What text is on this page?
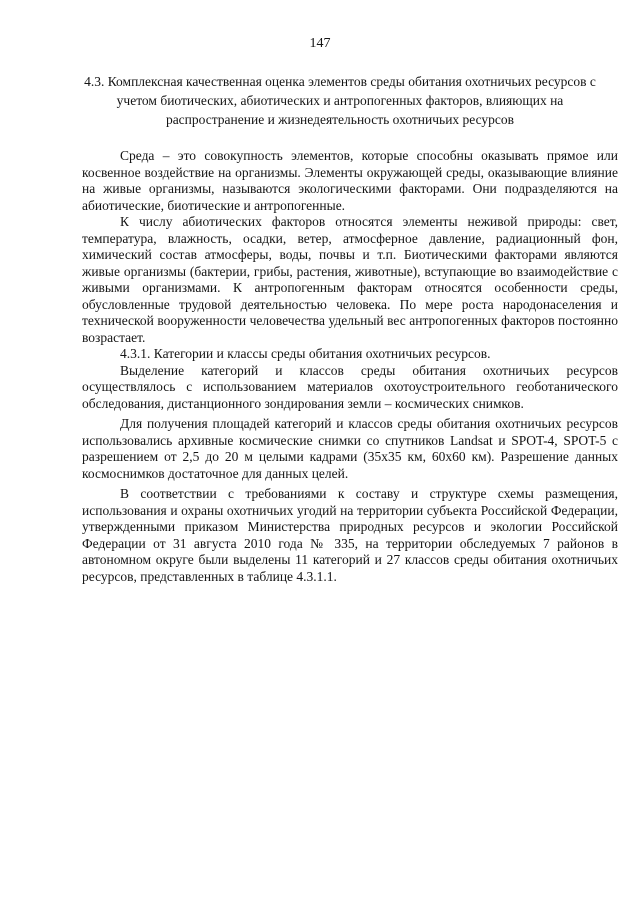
147
4.3. Комплексная качественная оценка элементов среды обитания охотничьих ресурсов с учетом биотических, абиотических и антропогенных факторов, влияющих на распространение и жизнедеятельность охотничьих ресурсов

Среда – это совокупность элементов, которые способны оказывать прямое или косвенное воздействие на организмы. Элементы окружающей среды, оказывающие влияние на живые организмы, называются экологическими факторами. Они подразделяются на абиотические, биотические и антропогенные.

К числу абиотических факторов относятся элементы неживой природы: свет, температура, влажность, осадки, ветер, атмосферное давление, радиационный фон, химический состав атмосферы, воды, почвы и т.п. Биотическими факторами являются живые организмы (бактерии, грибы, растения, животные), вступающие во взаимодействие с живыми организмами. К антропогенным факторам относятся особенности среды, обусловленные трудовой деятельностью человека. По мере роста народонаселения и технической вооруженности человечества удельный вес антропогенных факторов постоянно возрастает.

4.3.1. Категории и классы среды обитания охотничьих ресурсов.

Выделение категорий и классов среды обитания охотничьих ресурсов осуществлялось с использованием материалов охотоустроительного геоботанического обследования, дистанционного зондирования земли – космических снимков.

Для получения площадей категорий и классов среды обитания охотничьих ресурсов использовались архивные космические снимки со спутников Landsat и SPOT-4, SPOT-5 с разрешением от 2,5 до 20 м целыми кадрами (35х35 км, 60х60 км). Разрешение данных космоснимков достаточное для данных целей.

В соответствии с требованиями к составу и структуре схемы размещения, использования и охраны охотничьих угодий на территории субъекта Российской Федерации, утвержденными приказом Министерства природных ресурсов и экологии Российской Федерации от 31 августа 2010 года № 335, на территории обследуемых 7 районов в автономном округе были выделены 11 категорий и 27 классов среды обитания охотничьих ресурсов, представленных в таблице 4.3.1.1.
